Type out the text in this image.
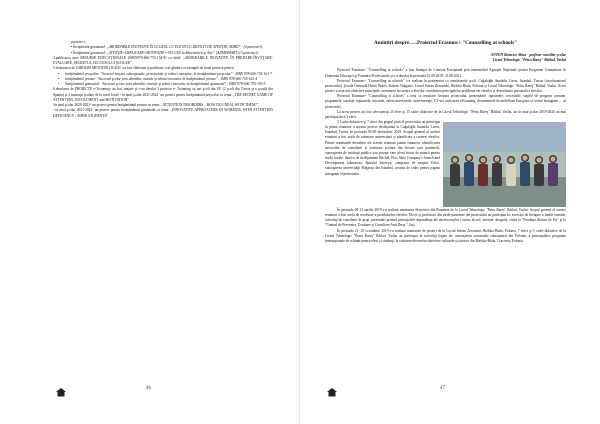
partener);

• Învăţământ gimnazial- „ABORDĂRILE INOVATIVE ÎN LUCRUL CU ELEVII CU DEFICIT DE ATENŢIE/ ADHD” - (4 parteneri),

• Învăţământ gimnazial- „ATENŢIE+IMPLICARE+MOTIVAŢIE= SUCCES la Matematică şi Arte” (ADMISMART) (3 parteneri).

4.publicarea unei RESURSE EDUCAŢIONALE (ISBN978-606-755-154-9) cu titlul: „ABORDĂRILE INOVATIVE ÎN PREDARE-ÎNVĂŢARE-EVALUARE, SECRETUL SUCCESULUI ŞCOLAR”

5.elaborarea de GHIDURI METODOLOGICE- au fost elaborate şi publicate; trei ghiduri cu exemple de bună practică pentru:

• învăţământul preşcolar: "Secretul reuşitei educaţionale, prin metode şi tehnici inovative, în învăţământul preşcolar" - ISBN 978-606-755-161-7

• învăţământul primar: "Succesul şcolar prin abordări, metode şi tehnici inovative în învăţământul primar" - ISBN 978-606-755-162-4

• învăţământul gimnazial: "Succesul şcolar prin abordări, metode şi tehnici inovative în învăţământul gimnazial" - ISBN 978-606-755-163-5

6.derularea de PROIECTE e-Twinning- au fost iniţiate şi s-au derulat 3 proiecte e- Twinning cu trei şcoli din UE (2 şcoli din Turcia şi o şcoală din Spania) şi 3 instituţii şcolare de la nivel local: - în anul şcolar 2021-2022- un proiect pentru învăţământul preşcolar cu tema: „THE SECRET GAME OF ATTENTION, INVOLVMENT and MOTIVATION”,

-în anul şcolar 2020-2021- un proiect pentru învăţământul primar cu tema: „ATTENTION DISORDERS – HOW DO I DEAL WITH THEM?”,

- în anul şcolar 2021-2022- un proiect pentru învăţământul gimnazial cu tema: „INNOVATIVE APPROACHES IN WORKING WITH ATTENTION DEFICIENCY / ADHD STUDENTS”.

Amintiri despre…..Proiectul Erasmus+ "Counselling at schools"
ANTON Beatrice Alina - profesor consilier şcolar
Liceul Tehnologic "Petru Rareş" Bârlad, Vaslui

Proiectul Erasmus+ "Counselling at schools" a fost finanţat de Comisia Europeană prin intermediul Agenţiei Naţionale pentru Programe Comunitare în Domeniul Educaţiei şi Formării Profesionale şi s-a derulat în perioada 01.09.2018- 31.08.2021.

Proiectul Erasmus+ "Counselling at schools" s-a realizat în parteneriat cu următoarele şcoli: Cağaloğlu Anadolu Lisesi, Istanbul, Turcia (coordonatorul proiectului), Şcoala Generală Hristo Botev, Kubrat, Bulgaria, Liceul Stefan Zeromski, Bielsko-Biala, Polonia şi Liceul Tehnologic "Petru Rareş" Bârlad, Vaslui. Acest proiect a avut trei obiective principale: orientarea în cariera a elevilor; rezolvarea principalelor probleme ale elevilor şi dezvoltarea personală a elevilor.

Proiectul Erasmus+ "Counselling at schools" a avut ca rezultate: broşura proiectului, prezentările, rapoartele, cercetările, staţiile de program comune, programele, sondaje, rapoartele, tutoriale, caiete interviurile, seart-metraje, CV-uri, utilizarea eTwinning, documentele de mobilitate Europass şi contul Instagram ….al proiectului.

La acest proiect au fost selecţionaţi 25 elevi şi 15 cadre didactice de la Liceul Tehnologic "Petru Rareş" Bârlad, Vaslui, iar în anul şcolar 2019-2020 au mai participat încă 3 elevi.

3 Cadre didactice şi 7 elevi din grupul ţintă al proiectului au participat la prima reuniune a acestui proiect desfăşurată la Cağaloğlu Anadolu Lisesi, Istanbul, Turcia, în perioada 03-09 decembrie 2018. Scopul general al acestei reuniuni a fost acela de orientare universitară şi planificare a carierei elevilor. Printre rezultatele deosebite ale acestei reuniuni putem enumera: identificarea serviciilor de consiliere şi orientare şcolară din fiecare ţară partenerii, cunoaşterea de instituţii publice sau private care oferă locuri de muncă pentru studii locale: fabrica de încălţăminte Büchel, Flos Shoe Company's Search and Development laboratory, Spitalul Sureyya, compania de maşini Volvo, cunoaşterea universităţii Boğaziçi din Istanbul, crearea de video pentru pagina instagram al proiectului.

În perioada 08-12 aprilie 2019 s-a realizat reuniunea de proiect din România de la Liceul Tehnologic "Petru Rareş" Bârlad, Vaslui. Scopul general al acestei reuniuni a fost acela de rezolvare a problemelor elevilor. Elevii şi profesorii din ţările partenere ale proiectului au participat la: exerciţii de învăţare a limbii române, activităţi de consiliere de grup, prezentări privind principalele dependenţe ale adolescenţilor ( tutun, alcool, internet, droguri), vizită la "Fundaţia Alături de Voi" şi la "Centrul de Prevenire, Evaluare şi Consiliere Anti Drog ", Iaşi.

În perioada 21- 25 octombrie 2019 s-a realizat reuniunea de proiect de la Liceul Stefan Zeromski, Bielsko-Biala, Polonia. 7 elevi şi 3 cadre didactice de la Liceul Tehnologic "Petru Rareş" Bârlad, Vaslui au participat la activităţi legate de: cunoaşterea sistemului educaţional din Polonia, a principalelor programe internaţionale de schimb pentru elevi şi studenţi, la vizitarea diverselor obiective culturale şi istorice din Bielsko-Biala, Cracovia, Polonia.

46	47
